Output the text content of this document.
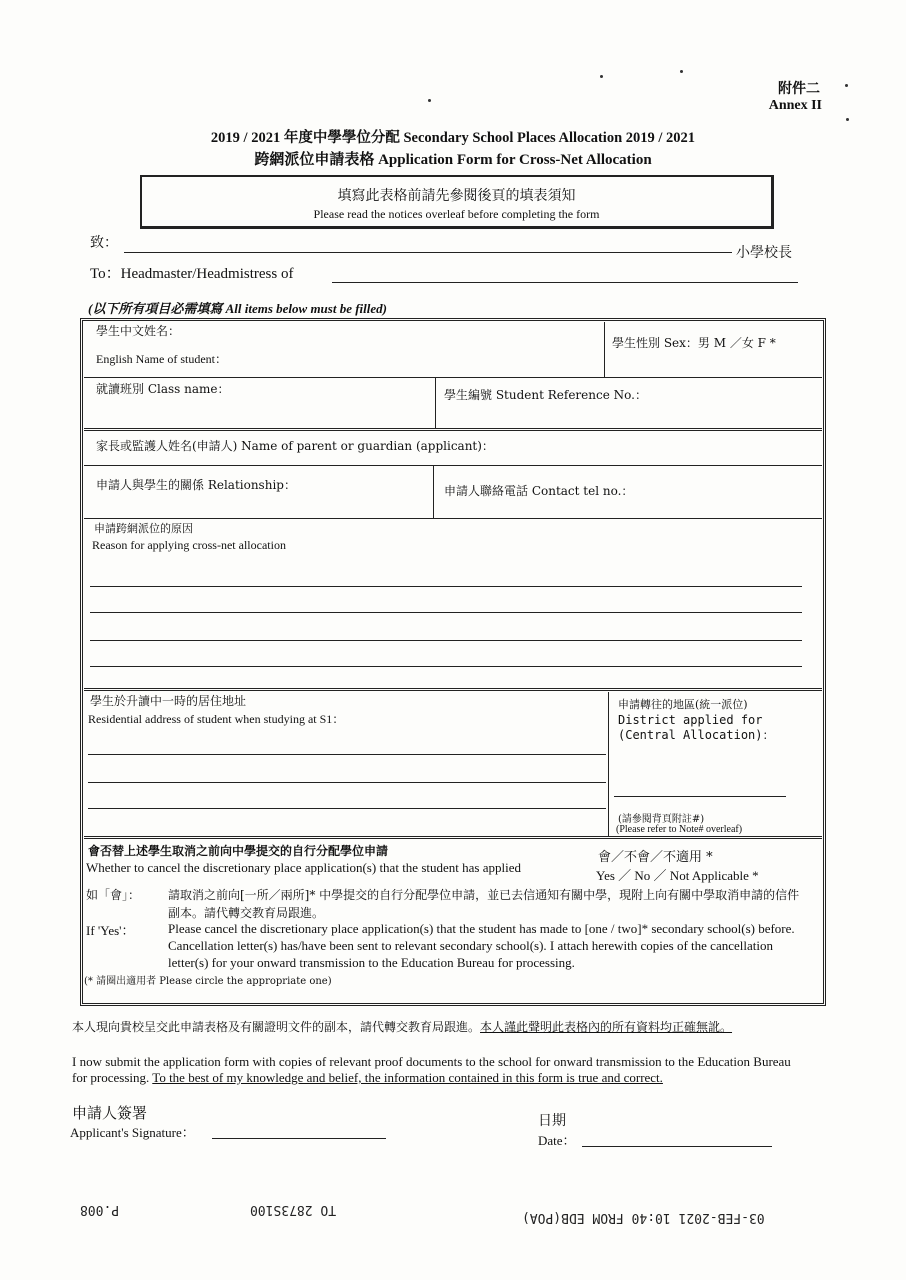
附件二
Annex II
2019 / 2021 年度中學學位分配 Secondary School Places Allocation 2019 / 2021
跨網派位申請表格 Application Form for Cross-Net Allocation
填寫此表格前請先參閱後頁的填表須知
Please read the notices overleaf before completing the form
致：
小學校長
To：Headmaster/Headmistress of
(以下所有項目必需填寫 All items below must be filled)
學生中文姓名：
English Name of student：
學生性別 Sex：男 M ／女 F *
就讀班別 Class name：	學生編號 Student Reference No.：
家長或監護人姓名(申請人) Name of parent or guardian (applicant)：
申請人與學生的關係 Relationship：	申請人聯絡電話 Contact tel no.：
申請跨網派位的原因
Reason for applying cross-net allocation
學生於升讀中一時的居住地址
Residential address of student when studying at S1：
申請轉往的地區(統一派位)
District applied for (Central Allocation)：
(請參閱背頁附註#)
(Please refer to Note# overleaf)
會否替上述學生取消之前向中學提交的自行分配學位申請
Whether to cancel the discretionary place application(s) that the student has applied
會／不會／不適用 *
Yes ／ No ／ Not Applicable *
如「會」： 請取消之前向[一所／兩所]* 中學提交的自行分配學位申請，並已去信通知有關中學，現附上向有關中學取消申請的信件副本。請代轉交教育局跟進。
If 'Yes'：	Please cancel the discretionary place application(s) that the student has made to [one / two]* secondary school(s) before. Cancellation letter(s) has/have been sent to relevant secondary school(s). I attach herewith copies of the cancellation letter(s) for your onward transmission to the Education Bureau for processing.
(* 請圈出適用者 Please circle the appropriate one)
本人現向貴校呈交此申請表格及有關證明文件的副本，請代轉交教育局跟進。本人謹此聲明此表格內的所有資料均正確無訛。
I now submit the application form with copies of relevant proof documents to the school for onward transmission to the Education Bureau for processing. To the best of my knowledge and belief, the information contained in this form is true and correct.
申請人簽署
Applicant's Signature：
日期
Date：
P.008	TO 2873S100
03-FEB-2021 10:40 FROM EDB(POA)
